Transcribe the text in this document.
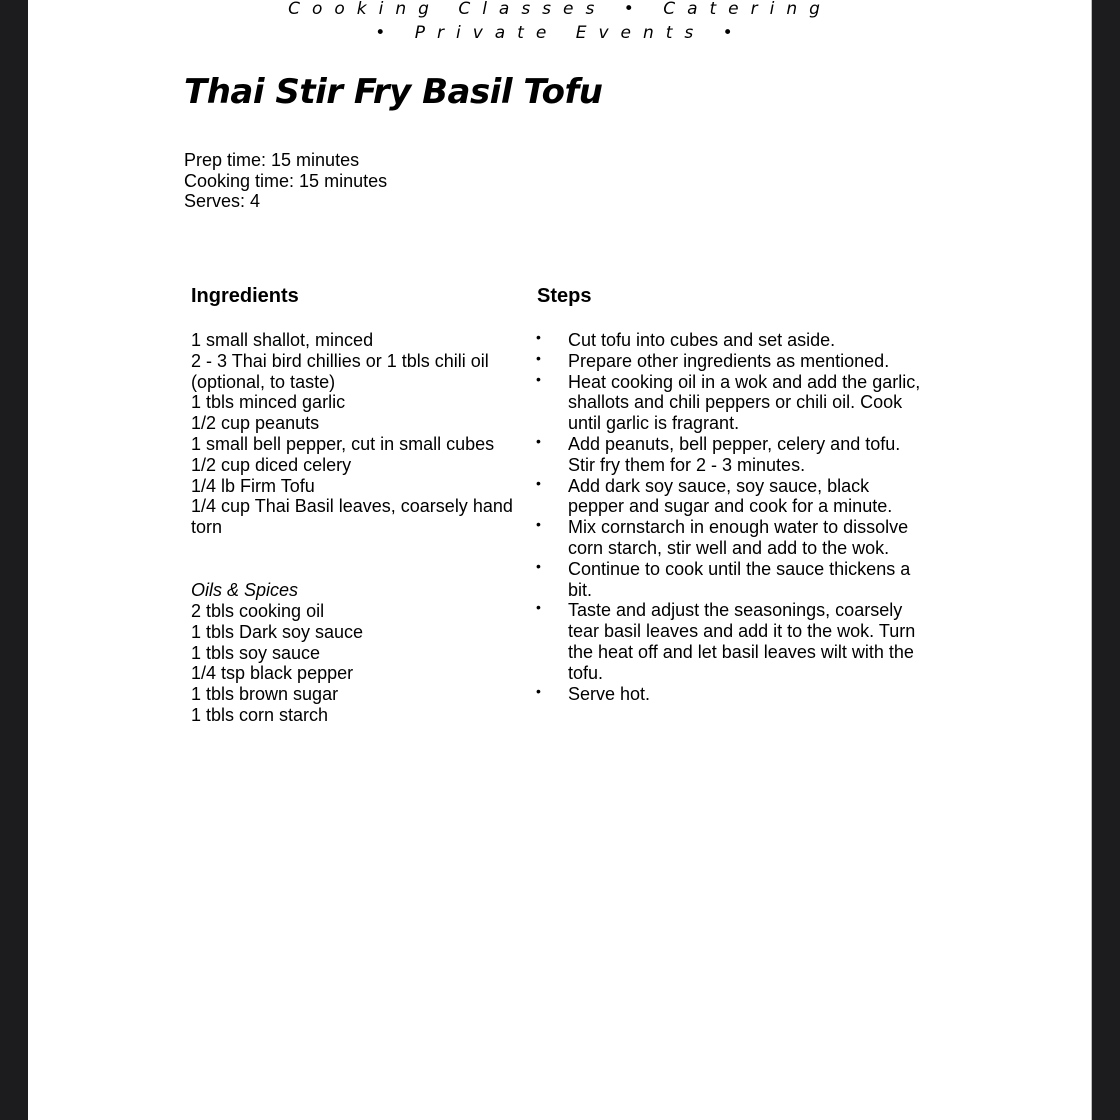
Cooking Classes • Catering
• Private Events •
Thai Stir Fry Basil Tofu
Prep time: 15 minutes
Cooking time: 15 minutes
Serves: 4
Ingredients	Steps
1 small shallot, minced
2 - 3 Thai bird chillies or 1 tbls chili oil (optional, to taste)
1 tbls minced garlic
1/2 cup peanuts
1 small bell pepper, cut in small cubes
1/2 cup diced celery
1/4 lb Firm Tofu
1/4 cup Thai Basil leaves, coarsely hand torn
Oils & Spices
2 tbls cooking oil
1 tbls Dark soy sauce
1 tbls soy sauce
1/4 tsp black pepper
1 tbls brown sugar
1 tbls corn starch
• Cut tofu into cubes and set aside.
• Prepare other ingredients as mentioned.
• Heat cooking oil in a wok and add the garlic, shallots and chili peppers or chili oil. Cook until garlic is fragrant.
• Add peanuts, bell pepper, celery and tofu. Stir fry them for 2 - 3 minutes.
• Add dark soy sauce, soy sauce, black pepper and sugar and cook for a minute.
• Mix cornstarch in enough water to dissolve corn starch, stir well and add to the wok.
• Continue to cook until the sauce thickens a bit.
• Taste and adjust the seasonings, coarsely tear basil leaves and add it to the wok. Turn the heat off and let basil leaves wilt with the tofu.
• Serve hot.
